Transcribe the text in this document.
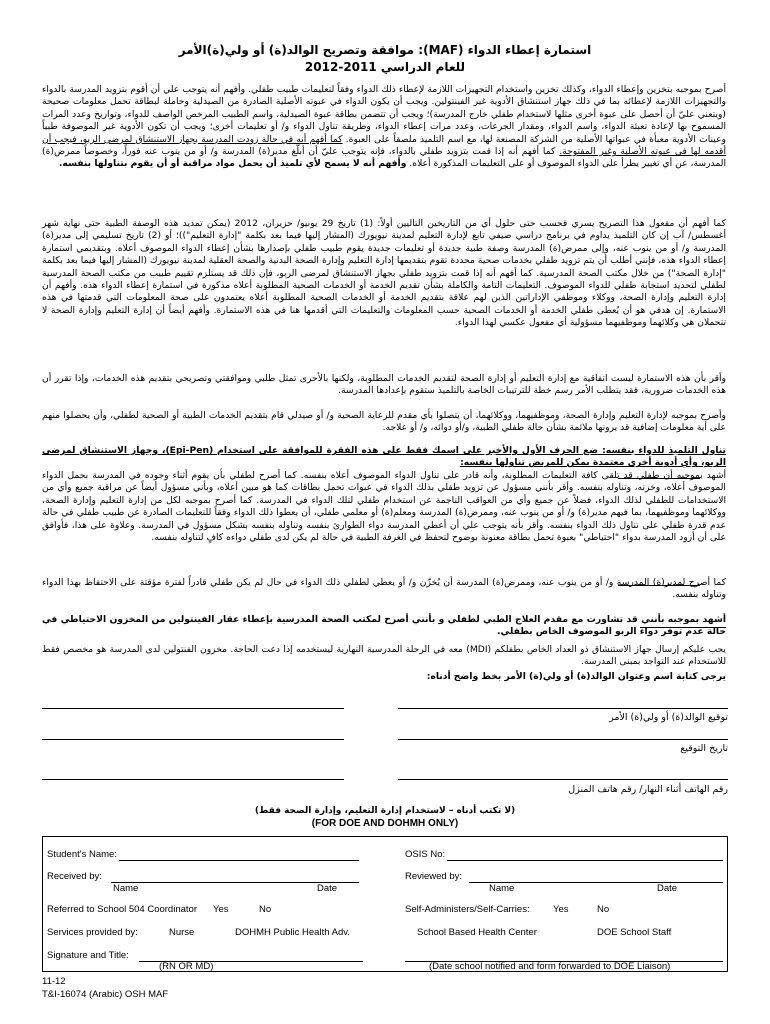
استمارة إعطاء الدواء (MAF): موافقة وتصريح الوالد(ة) أو ولي(ة)الأمر
للعام الدراسي 2011-2012
أصرح بموجبه بتخزين وإعطاء الدواء، وكذلك تخزين واستخدام التجهيزات اللازمة لإعطاء ذلك الدواء وفقاً لتعليمات طبيب طفلي. وأفهم أنه يتوجب علي أن أقوم بتزويد المدرسة بالدواء والتجهيزات اللازمة لإعطائه بما في ذلك جهاز استنشاق الأدوية غير الفينتولين. ويجب أن يكون الدواء في عبوته الأصلية الصادرة من الصيدلية وحاملة لبطاقة تحمل معلومات صحيحة (ويتعني عليّ أن أحصل على عبوة أخرى مثلها لاستخدام طفلي خارج المدرسة)؛ ويجب أن تتضمن بطاقة عبوة الصيدلية، واسم الطبيب المرخص الواصف للدواء، وتواريخ وعدد المرات المسموح بها لإعادة تعبئة الدواء، واسم الدواء، ومقدار الجرعات، وعدد مرات إعطاء الدواء، وطريقة تناول الدواء و/ أو تعليمات أخرى؛ ويجب أن تكون الأدوية غير الموصوفة طبياً وعينات الأدوية معبأة في عبواتها الأصلية من الشركة المصنعة لها، مع اسم التلميذ ملصقاً على العبوة. كما أفهم أنه في حالة زودت المدرسة بجهاز الاستنشاق لمرضى الربو، فيجب أن أقدمه لها في عبوته الأصلية وغير المفتوحة. كما أفهم أنه إذا قمت بتزويد طفلي بالدواء، فإنه يتوجب عليّ أن أبلّغ مدير(ة) المدرسة و/ أو من ينوب عنه فوراً، وخصوصاً ممرض(ة) المدرسة، عن أي تغيير يطرأ على الدواء الموصوف أو على التعليمات المذكورة أعلاه. وأفهم أنه لا يسمح لأي تلميذ أن يحمل مواد مراقبة أو أن يقوم بتناولها بنفسه.
كما أفهم أن مفعول هذا التصريح يسري فحسب حتى حلول أي من التاريخين التاليين أولاً: (1) تاريخ 29 يونيو/ حزيران، 2012 (يمكن تمديد هذه الوصفة الطبية حتى نهاية شهر أغسطس/ آب إن كان التلميذ يداوم في برنامج دراسي صيفي تابع لإدارة التعليم لمدينة نيويورك (المشار إليها فيما بعد بكلمة "إدارة التعليم"))؛ أو (2) تاريخ تسليمي إلى مدير(ة) المدرسة و/ أو من ينوب عنه، وإلى ممرض(ة) المدرسة وصفة طبية جديدة أو تعليمات جديدة يقوم طبيب طفلي بإصدارها بشأن إعطاء الدواء الموصوف أعلاه. وبتقديمي استمارة إعطاء الدواء هذه، فإنني أطلب أن يتم تزويد طفلي بخدمات صحية محددة تقوم بتقديمها إدارة التعليم وإدارة الصحة البدنية والصحة العقلية لمدينة نيويورك (المشار إليها فيما بعد بكلمة "إدارة الصحة") من خلال مكتب الصحة المدرسية. كما أفهم أنه إذا قمت بتزويد طفلي بجهاز الاستنشاق لمرضى الربو، فإن ذلك قد يستلزم تقييم طبيب من مكتب الصحة المدرسية لطفلي لتحديد استجابة طفلي للدواء الموصوف. التعليمات التامة والكاملة بشأن تقديم الخدمة أو الخدمات الصحية المطلوبة أعلاه مذكورة في استمارة إعطاء الدواء هذه. وأفهم أن إدارة التعليم وإدارة الصحة، ووكلاء وموظفي الإداراتين الذين لهم علاقة بتقديم الخدمة أو الخدمات الصحية المطلوبة أعلاه يعتمدون على صحة المعلومات التي قدمتها في هذه الاستمارة. إن هدفي هو أن يُعطى طفلي الخدمة أو الخدمات الصحية حسب المعلومات والتعليمات التي أقدمها هنا في هذه الاستمارة. وأفهم أيضاً أن إدارة التعليم وإدارة الصحة لا تتحملان هي وكلائهما وموظفيهما مسؤولية أي مفعول عكسي لهذا الدواء.
وأقر بأن هذه الاستمارة ليست اتفاقية مع إدارة التعليم أو إدارة الصحة لتقديم الخدمات المطلوبة، ولكنها بالأحرى تمثل طلبي وموافقتي وتصريحي بتقديم هذه الخدمات، وإذا تقرر أن هذه الخدمات ضرورية، فقد يتطلب الأمر رسم خطة للترتيبات الخاصة بالتلميذ ستقوم بإعدادها المدرسة.
وأصرح بموجبه لإدارة التعليم وإدارة الصحة، وموظفيهما، ووكلائهما، أن يتصلوا بأي مقدم للرعاية الصحية و/ أو صيدلي قام بتقديم الخدمات الطبية أو الصحية لطفلي، وأن يحصلوا منهم على أية معلومات إضافية قد يرونها ملائمة بشأن حالة طفلي الطبية، و/أو دوائه، و/ أو علاجه.
تناول التلميذ للدواء بنفسه: ضع الحرف الأول والأخير على اسمك فقط على هذه الفقرة للموافقة على استخدام (Epi-Pen)، وجهاز الاستنشاق لمرضى الربو، وأي أدوية أخرى معتمدة يمكن للمريض تناولها بنفسه:
أشهد بموجبه أن طفلي قد تلقى كافة التعليمات المطلوبة، وأنه قادر على تناول الدواء الموصوف أعلاه بنفسه. كما أصرح لطفلي بأن يقوم أثناء وجوده في المدرسة بحمل الدواء الموصوف أعلاه، وخزنه، وتناوله بنفسه. وأقر بأنني مسؤول عن تزويد طفلي بذلك الدواء في عبوات تحمل بطاقات كما هو مبين أعلاه، وبأني مسؤول أيضاً عن مراقبة جميع وأي من الاستخدامات للطفلي لذلك الدواء، فضلاً عن جميع وأي من العواقب الناجمة عن استخدام طفلي لتلك الدواء في المدرسة. كما أصرح بموجبه لكل من إدارة التعليم وإدارة الصحة، ووكلائهما وموظفيهما، بما فيهم مدير(ة) و/ أو من ينوب عنه، وممرض(ة) المدرسة ومعلم(ة) أو معلمي طفلي، أن يعطوا ذلك الدواء وفقاً للتعليمات الصادرة عن طبيب طفلي في حالة عدم قدرة طفلي على تناول ذلك الدواء بنفسه. وأقر بأنه يتوجب علي أن أعطي المدرسة دواء الطوارئ بنفسه وتناوله بنفسه بشكل مسؤول في المدرسة. وعلاوة على هذا، فأوافق على أن أزود المدرسة بدواء "احتياطي" بعبوة تحمل بطاقة معنونة بوضوح لتحفظ في الغرفة الطبية في حالة لم يكن لدى طفلي دواءه كافٍ لتناوله بنفسه.
كما أصرح لمدير(ة) المدرسة و/ أو من ينوب عنه، وممرض(ة) المدرسة أن يُخزّن و/ أو يعطي لطفلي ذلك الدواء في حال لم يكن طفلي قادراً لفترة مؤقتة على الاحتفاظ بهذا الدواء وتناوله بنفسه.
أشهد بموجبه بأنني قد تشاورت مع مقدم العلاج الطبي لطفلي و بأنني أصرح لمكتب الصحة المدرسية بإعطاء عقار الفينتولين من المخزون الاحتياطي في حالة عدم توفر دواء الربو الموصوف الخاص بطفلي.
يجب عليكم إرسال جهاز الاستنشاق ذو العداد الخاص بطفلكم (MDI) معه في الرحلة المدرسية النهارية ليستخدمه إذا دعت الحاجة. مخزون الفنتولين لدى المدرسة هو مخصص فقط للاستخدام عند التواجد بمبنى المدرسة.
يرجى كتابة اسم وعنوان الوالد(ة) أو ولي(ة) الأمر بخط واضح أدناه:
توقيع الوالد(ة) أو ولي(ة) الأمر
تاريخ التوقيع
رقم الهاتف أثناء النهار/ رقم هاتف المنزل
(لا تكتب أدناه – لاستخدام إدارة التعليم، وإدارة الصحة فقط)
(FOR DOE AND DOHMH ONLY)
Student's Name:	OSIS No:
Received by:
Name	Date
Reviewed by:
Name	Date
Referred to School 504 Coordinator Yes	No	Self-Administers/Self-Carries: Yes	No
Services provided by:	Nurse	DOHMH Public Health Adv.	School Based Health Center	DOE School Staff
Signature and Title:
(RN OR MD)	(Date school notified and form forwarded to DOE Liaison)
11-12
T&I-16074 (Arabic) OSH MAF
